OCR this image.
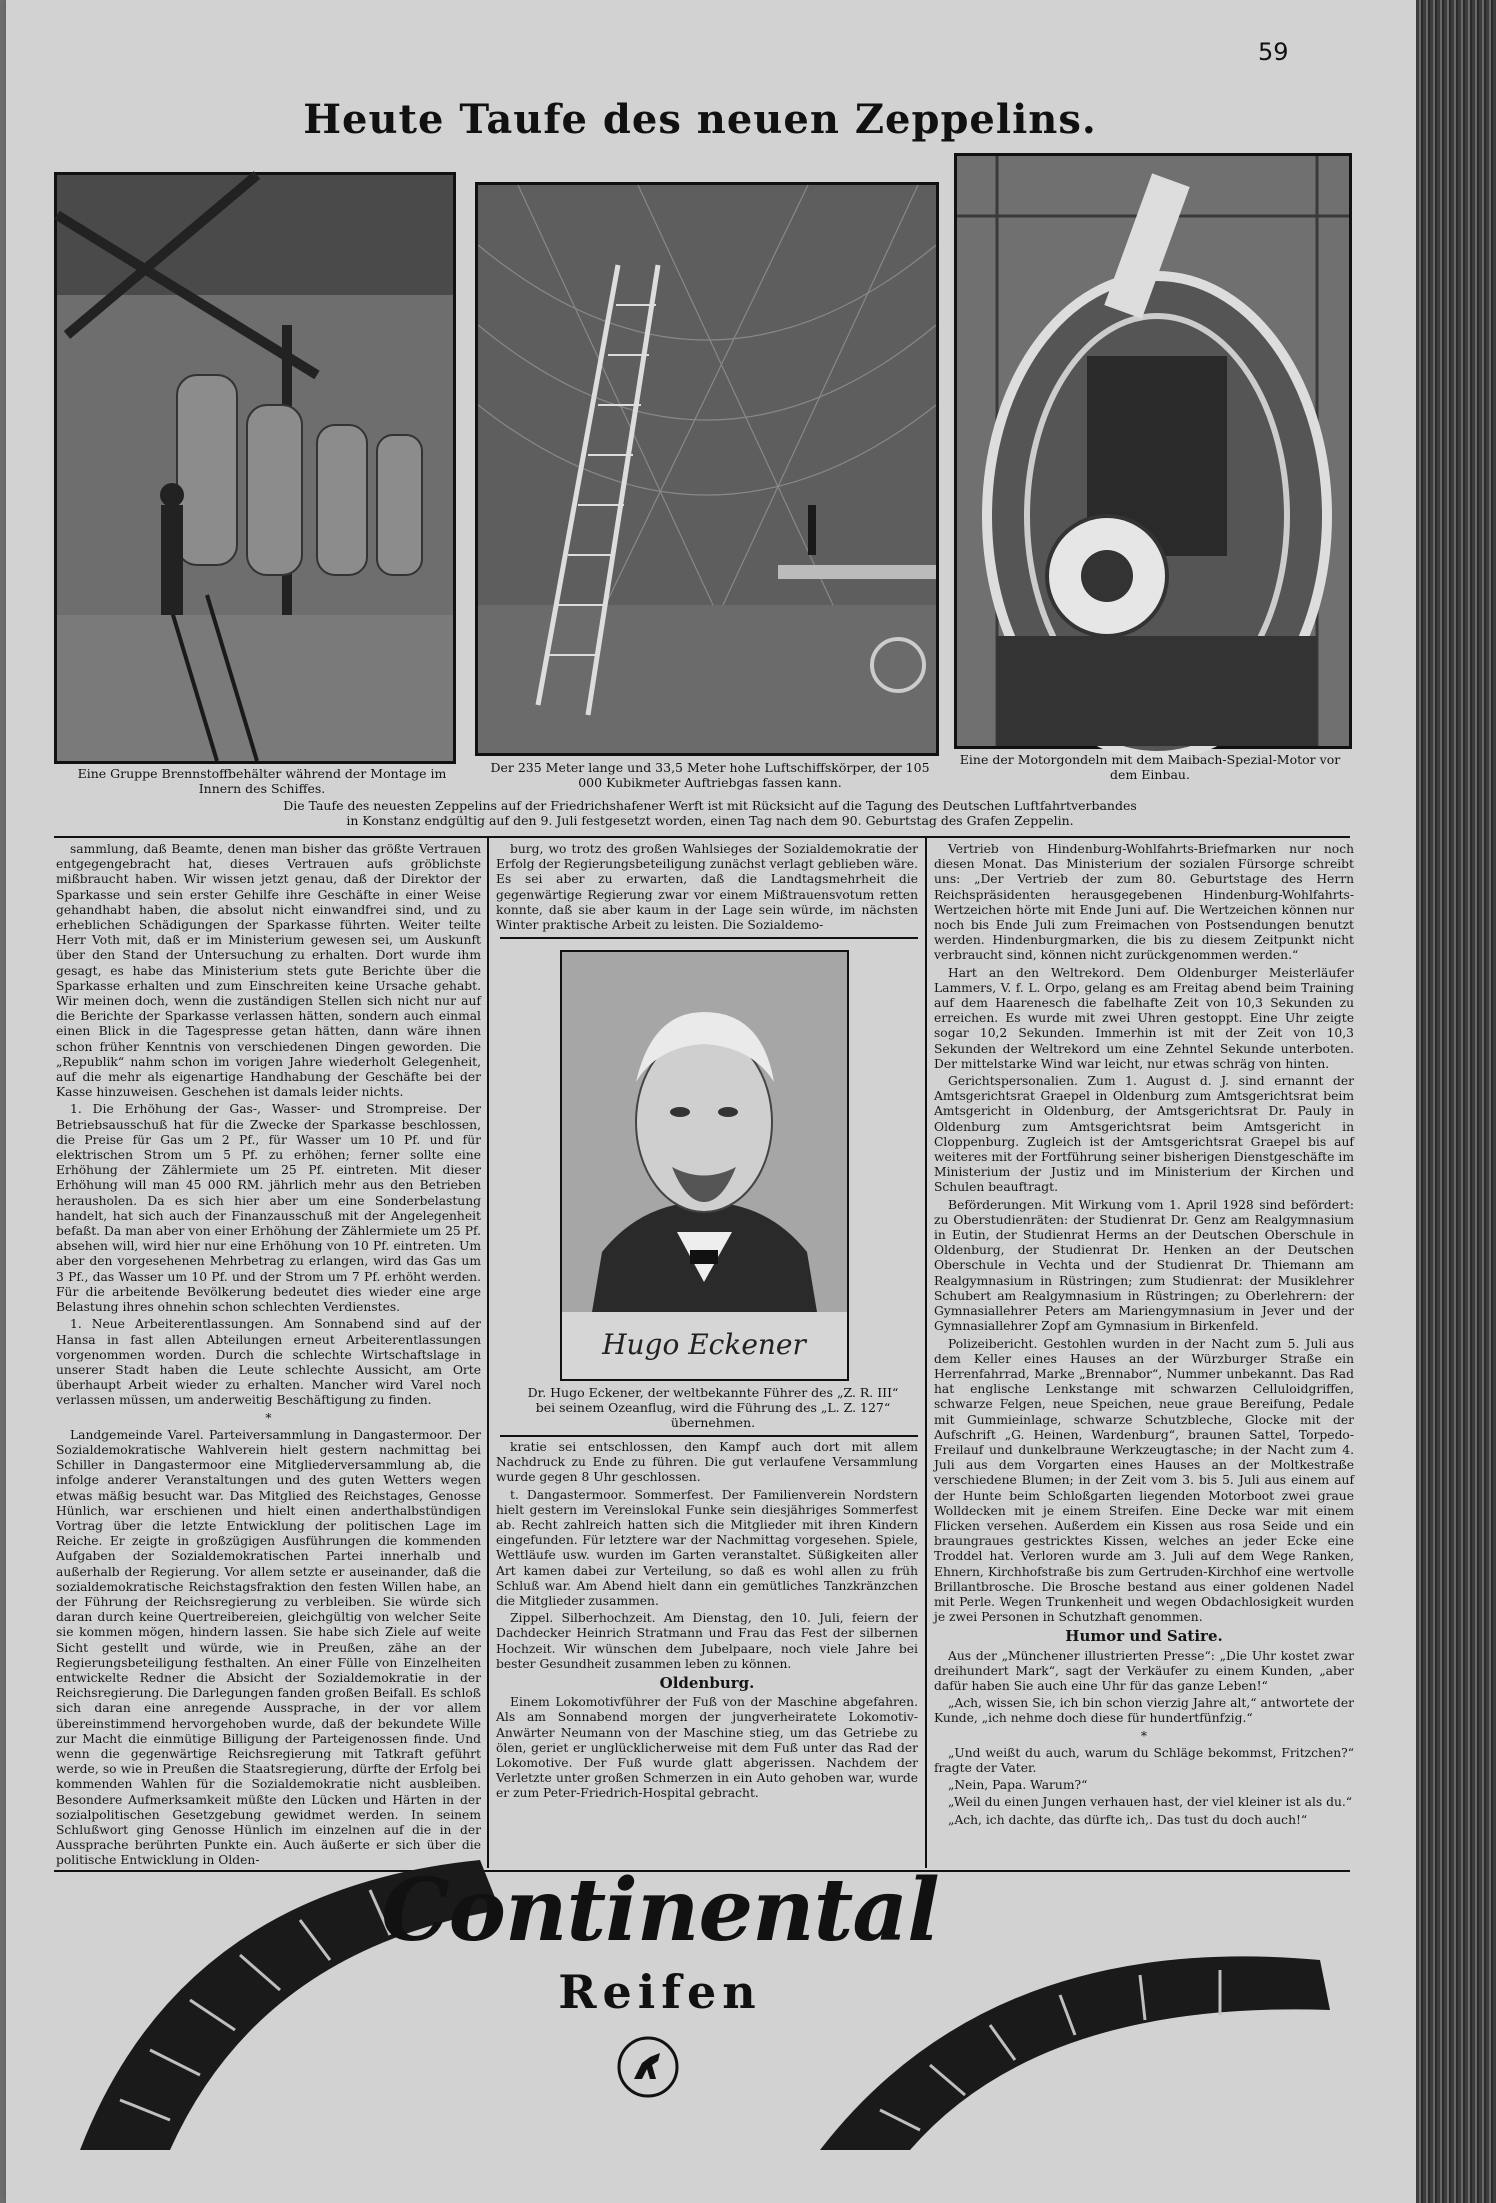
59
Heute Taufe des neuen Zeppelins.
Eine Gruppe Brennstoffbehälter während der Montage im Innern des Schiffes.
Der 235 Meter lange und 33,5 Meter hohe Luftschiffskörper, der 105 000 Kubikmeter Auftriebgas fassen kann.
Eine der Motorgondeln mit dem Maibach-Spezial-Motor vor dem Einbau.
Die Taufe des neuesten Zeppelins auf der Friedrichshafener Werft ist mit Rücksicht auf die Tagung des Deutschen Luftfahrtverbandes in Konstanz endgültig auf den 9. Juli festgesetzt worden, einen Tag nach dem 90. Geburtstag des Grafen Zeppelin.

sammlung, daß Beamte, denen man bisher das größte Vertrauen entgegengebracht hat, dieses Vertrauen aufs gröblichste mißbraucht haben. Wir wissen jetzt genau, daß der Direktor der Sparkasse und sein erster Gehilfe ihre Geschäfte in einer Weise gehandhabt haben, die absolut nicht einwandfrei sind, und zu erheblichen Schädigungen der Sparkasse führten. Weiter teilte Herr Voth mit, daß er im Ministerium gewesen sei, um Auskunft über den Stand der Untersuchung zu erhalten. Dort wurde ihm gesagt, es habe das Ministerium stets gute Berichte über die Sparkasse erhalten und zum Einschreiten keine Ursache gehabt. Wir meinen doch, wenn die zuständigen Stellen sich nicht nur auf die Berichte der Sparkasse verlassen hätten, sondern auch einmal einen Blick in die Tagespresse getan hätten, dann wäre ihnen schon früher Kenntnis von verschiedenen Dingen geworden. Die „Republik“ nahm schon im vorigen Jahre wiederholt Gelegenheit, auf die mehr als eigenartige Handhabung der Geschäfte bei der Kasse hinzuweisen. Geschehen ist damals leider nichts.

1. Die Erhöhung der Gas-, Wasser- und Strompreise. Der Betriebsausschuß hat für die Zwecke der Sparkasse beschlossen, die Preise für Gas um 2 Pf., für Wasser um 10 Pf. und für elektrischen Strom um 5 Pf. zu erhöhen; ferner sollte eine Erhöhung der Zählermiete um 25 Pf. eintreten. Mit dieser Erhöhung will man 45 000 RM. jährlich mehr aus den Betrieben herausholen. Da es sich hier aber um eine Sonderbelastung handelt, hat sich auch der Finanzausschuß mit der Angelegenheit befaßt. Da man aber von einer Erhöhung der Zählermiete um 25 Pf. absehen will, wird hier nur eine Erhöhung von 10 Pf. eintreten. Um aber den vorgesehenen Mehrbetrag zu erlangen, wird das Gas um 3 Pf., das Wasser um 10 Pf. und der Strom um 7 Pf. erhöht werden. Für die arbeitende Bevölkerung bedeutet dies wieder eine arge Belastung ihres ohnehin schon schlechten Verdienstes.

1. Neue Arbeiterentlassungen. Am Sonnabend sind auf der Hansa in fast allen Abteilungen erneut Arbeiterentlassungen vorgenommen worden. Durch die schlechte Wirtschaftslage in unserer Stadt haben die Leute schlechte Aussicht, am Orte überhaupt Arbeit wieder zu erhalten. Mancher wird Varel noch verlassen müssen, um anderweitig Beschäftigung zu finden.

*

Landgemeinde Varel. Parteiversammlung in Dangastermoor. Der Sozialdemokratische Wahlverein hielt gestern nachmittag bei Schiller in Dangastermoor eine Mitgliederversammlung ab, die infolge anderer Veranstaltungen und des guten Wetters wegen etwas mäßig besucht war. Das Mitglied des Reichstages, Genosse Hünlich, war erschienen und hielt einen anderthalbstündigen Vortrag über die letzte Entwicklung der politischen Lage im Reiche. Er zeigte in großzügigen Ausführungen die kommenden Aufgaben der Sozialdemokratischen Partei innerhalb und außerhalb der Regierung. Vor allem setzte er auseinander, daß die sozialdemokratische Reichstagsfraktion den festen Willen habe, an der Führung der Reichsregierung zu verbleiben. Sie würde sich daran durch keine Quertreibereien, gleichgültig von welcher Seite sie kommen mögen, hindern lassen. Sie habe sich Ziele auf weite Sicht gestellt und würde, wie in Preußen, zähe an der Regierungsbeteiligung festhalten. An einer Fülle von Einzelheiten entwickelte Redner die Absicht der Sozialdemokratie in der Reichsregierung. Die Darlegungen fanden großen Beifall. Es schloß sich daran eine anregende Aussprache, in der vor allem übereinstimmend hervorgehoben wurde, daß der bekundete Wille zur Macht die einmütige Billigung der Parteigenossen finde. Und wenn die gegenwärtige Reichsregierung mit Tatkraft geführt werde, so wie in Preußen die Staatsregierung, dürfte der Erfolg bei kommenden Wahlen für die Sozialdemokratie nicht ausbleiben. Besondere Aufmerksamkeit müßte den Lücken und Härten in der sozialpolitischen Gesetzgebung gewidmet werden. In seinem Schlußwort ging Genosse Hünlich im einzelnen auf die in der Aussprache berührten Punkte ein. Auch äußerte er sich über die politische Entwicklung in Olden-

burg, wo trotz des großen Wahlsieges der Sozialdemokratie der Erfolg der Regierungsbeteiligung zunächst verlagt geblieben wäre. Es sei aber zu erwarten, daß die Landtagsmehrheit die gegenwärtige Regierung zwar vor einem Mißtrauensvotum retten konnte, daß sie aber kaum in der Lage sein würde, im nächsten Winter praktische Arbeit zu leisten. Die Sozialdemo-

Hugo Eckener
Dr. Hugo Eckener, der weltbekannte Führer des „Z. R. III“ bei seinem Ozeanflug, wird die Führung des „L. Z. 127“ übernehmen.

kratie sei entschlossen, den Kampf auch dort mit allem Nachdruck zu Ende zu führen. Die gut verlaufene Versammlung wurde gegen 8 Uhr geschlossen.

t. Dangastermoor. Sommerfest. Der Familienverein Nordstern hielt gestern im Vereinslokal Funke sein diesjähriges Sommerfest ab. Recht zahlreich hatten sich die Mitglieder mit ihren Kindern eingefunden. Für letztere war der Nachmittag vorgesehen. Spiele, Wettläufe usw. wurden im Garten veranstaltet. Süßigkeiten aller Art kamen dabei zur Verteilung, so daß es wohl allen zu früh Schluß war. Am Abend hielt dann ein gemütliches Tanzkränzchen die Mitglieder zusammen.

Zippel. Silberhochzeit. Am Dienstag, den 10. Juli, feiern der Dachdecker Heinrich Stratmann und Frau das Fest der silbernen Hochzeit. Wir wünschen dem Jubelpaare, noch viele Jahre bei bester Gesundheit zusammen leben zu können.

Oldenburg.

Einem Lokomotivführer der Fuß von der Maschine abgefahren. Als am Sonnabend morgen der jungverheiratete Lokomotiv-Anwärter Neumann von der Maschine stieg, um das Getriebe zu ölen, geriet er unglücklicherweise mit dem Fuß unter das Rad der Lokomotive. Der Fuß wurde glatt abgerissen. Nachdem der Verletzte unter großen Schmerzen in ein Auto gehoben war, wurde er zum Peter-Friedrich-Hospital gebracht.

Vertrieb von Hindenburg-Wohlfahrts-Briefmarken nur noch diesen Monat. Das Ministerium der sozialen Fürsorge schreibt uns: „Der Vertrieb der zum 80. Geburtstage des Herrn Reichspräsidenten herausgegebenen Hindenburg-Wohlfahrts-Wertzeichen hörte mit Ende Juni auf. Die Wertzeichen können nur noch bis Ende Juli zum Freimachen von Postsendungen benutzt werden. Hindenburgmarken, die bis zu diesem Zeitpunkt nicht verbraucht sind, können nicht zurückgenommen werden.“

Hart an den Weltrekord. Dem Oldenburger Meisterläufer Lammers, V. f. L. Orpo, gelang es am Freitag abend beim Training auf dem Haarenesch die fabelhafte Zeit von 10,3 Sekunden zu erreichen. Es wurde mit zwei Uhren gestoppt. Eine Uhr zeigte sogar 10,2 Sekunden. Immerhin ist mit der Zeit von 10,3 Sekunden der Weltrekord um eine Zehntel Sekunde unterboten. Der mittelstarke Wind war leicht, nur etwas schräg von hinten.

Gerichtspersonalien. Zum 1. August d. J. sind ernannt der Amtsgerichtsrat Graepel in Oldenburg zum Amtsgerichtsrat beim Amtsgericht in Oldenburg, der Amtsgerichtsrat Dr. Pauly in Oldenburg zum Amtsgerichtsrat beim Amtsgericht in Cloppenburg. Zugleich ist der Amtsgerichtsrat Graepel bis auf weiteres mit der Fortführung seiner bisherigen Dienstgeschäfte im Ministerium der Justiz und im Ministerium der Kirchen und Schulen beauftragt.

Beförderungen. Mit Wirkung vom 1. April 1928 sind befördert: zu Oberstudienräten: der Studienrat Dr. Genz am Realgymnasium in Eutin, der Studienrat Herms an der Deutschen Oberschule in Oldenburg, der Studienrat Dr. Henken an der Deutschen Oberschule in Vechta und der Studienrat Dr. Thiemann am Realgymnasium in Rüstringen; zum Studienrat: der Musiklehrer Schubert am Realgymnasium in Rüstringen; zu Oberlehrern: der Gymnasiallehrer Peters am Mariengymnasium in Jever und der Gymnasiallehrer Zopf am Gymnasium in Birkenfeld.

Polizeibericht. Gestohlen wurden in der Nacht zum 5. Juli aus dem Keller eines Hauses an der Würzburger Straße ein Herrenfahrrad, Marke „Brennabor“, Nummer unbekannt. Das Rad hat englische Lenkstange mit schwarzen Celluloidgriffen, schwarze Felgen, neue Speichen, neue graue Bereifung, Pedale mit Gummieinlage, schwarze Schutzbleche, Glocke mit der Aufschrift „G. Heinen, Wardenburg“, braunen Sattel, Torpedo-Freilauf und dunkelbraune Werkzeugtasche; in der Nacht zum 4. Juli aus dem Vorgarten eines Hauses an der Moltkestraße verschiedene Blumen; in der Zeit vom 3. bis 5. Juli aus einem auf der Hunte beim Schloßgarten liegenden Motorboot zwei graue Wolldecken mit je einem Streifen. Eine Decke war mit einem Flicken versehen. Außerdem ein Kissen aus rosa Seide und ein braungraues gestricktes Kissen, welches an jeder Ecke eine Troddel hat. Verloren wurde am 3. Juli auf dem Wege Ranken, Ehnern, Kirchhofstraße bis zum Gertruden-Kirchhof eine wertvolle Brillantbrosche. Die Brosche bestand aus einer goldenen Nadel mit Perle. Wegen Trunkenheit und wegen Obdachlosigkeit wurden je zwei Personen in Schutzhaft genommen.

Humor und Satire.

Aus der „Münchener illustrierten Presse“: „Die Uhr kostet zwar dreihundert Mark“, sagt der Verkäufer zu einem Kunden, „aber dafür haben Sie auch eine Uhr für das ganze Leben!“

„Ach, wissen Sie, ich bin schon vierzig Jahre alt,“ antwortete der Kunde, „ich nehme doch diese für hundertfünfzig.“

*

„Und weißt du auch, warum du Schläge bekommst, Fritzchen?“ fragte der Vater.

„Nein, Papa. Warum?“

„Weil du einen Jungen verhauen hast, der viel kleiner ist als du.“

„Ach, ich dachte, das dürfte ich,. Das tust du doch auch!“

Continental
Reifen
